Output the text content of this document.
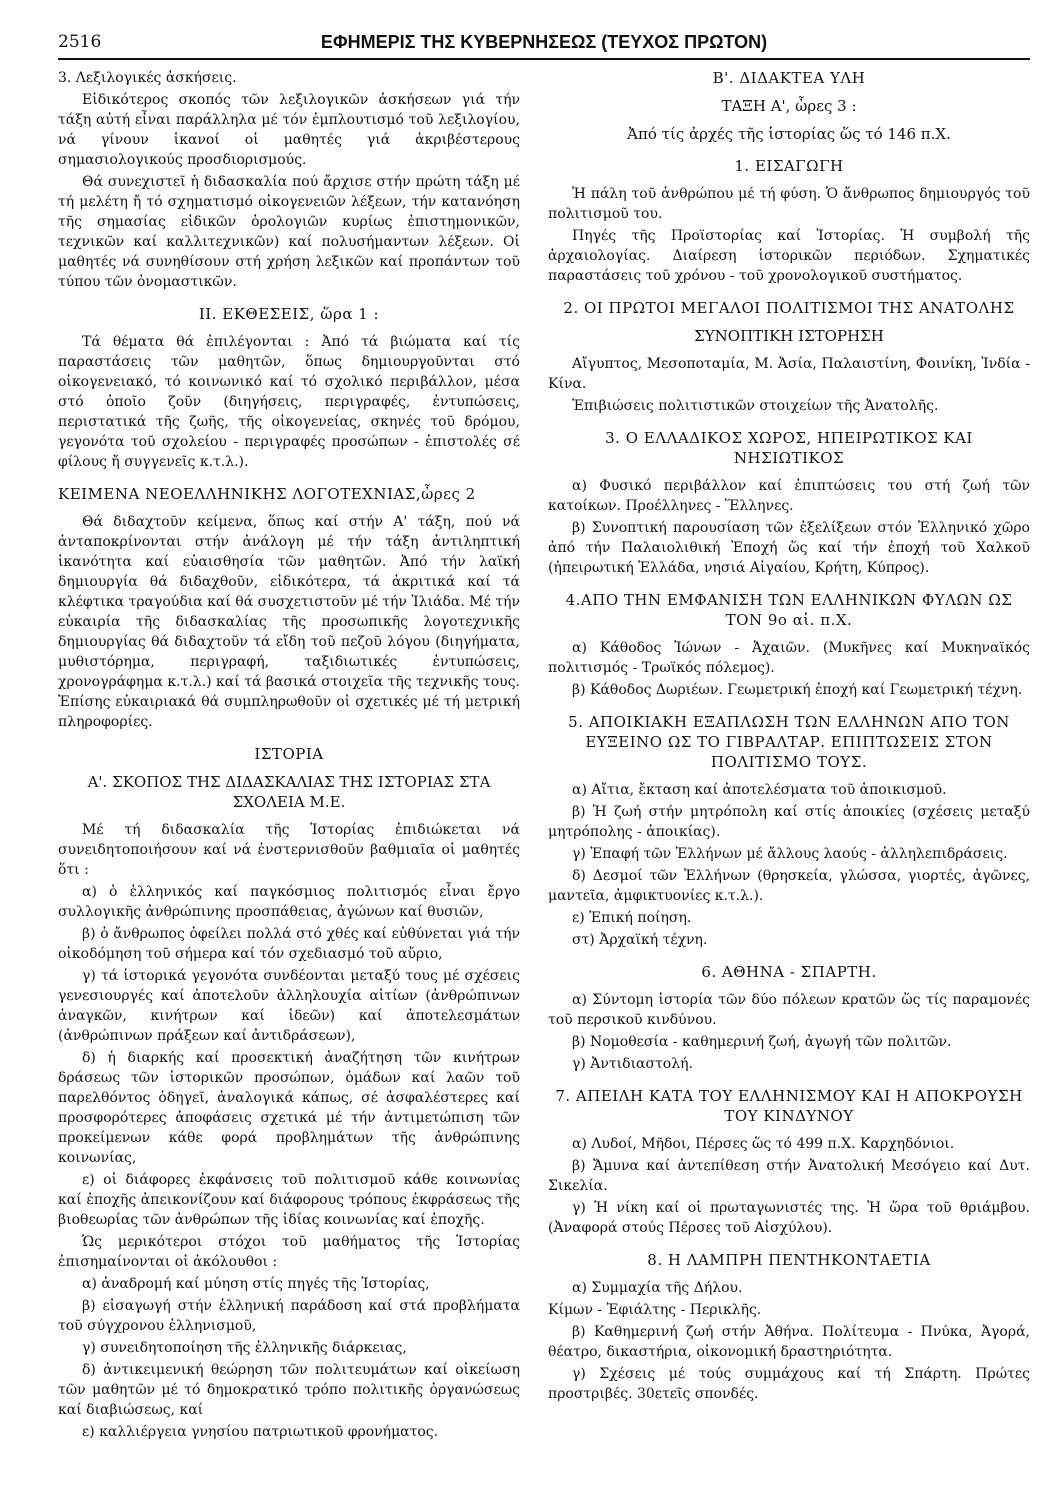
2516	ΕΦΗΜΕΡΙΣ ΤΗΣ ΚΥΒΕΡΝΗΣΕΩΣ (ΤΕΥΧΟΣ ΠΡΩΤΟΝ)

3. Λεξιλογικές ἀσκήσεις.

Εἰδικότερος σκοπός τῶν λεξιλογικῶν ἀσκήσεων γιά τήν τάξη αὐτή εἶναι παράλληλα μέ τόν ἐμπλουτισμό τοῦ λεξιλογίου, νά γίνουν ἱκανοί οἱ μαθητές γιά ἀκριβέστερους σημασιολογικούς προσδιορισμούς.

Θά συνεχιστεῖ ἡ διδασκαλία πού ἄρχισε στήν πρώτη τάξη μέ τή μελέτη ἤ τό σχηματισμό οἰκογενειῶν λέξεων, τήν κατανόηση τῆς σημασίας εἰδικῶν ὁρολογιῶν κυρίως ἐπιστημονικῶν, τεχνικῶν καί καλλιτεχνικῶν) καί πολυσήμαντων λέξεων. Οἱ μαθητές νά συνηθίσουν στή χρήση λεξικῶν καί προπάντων τοῦ τύπου τῶν ὀνομαστικῶν.

ΙΙ. ΕΚΘΕΣΕΙΣ, ὥρα 1 :

Τά θέματα θά ἐπιλέγονται : Ἀπό τά βιώματα καί τίς παραστάσεις τῶν μαθητῶν, ὅπως δημιουργοῦνται στό οἰκογενειακό, τό κοινωνικό καί τό σχολικό περιβάλλον, μέσα στό ὁποῖο ζοῦν (διηγήσεις, περιγραφές, ἐντυπώσεις, περιστατικά τῆς ζωῆς, τῆς οἰκογενείας, σκηνές τοῦ δρόμου, γεγονότα τοῦ σχολείου - περιγραφές προσώπων - ἐπιστολές σέ φίλους ἤ συγγενεῖς κ.τ.λ.).

ΚΕΙΜΕΝΑ ΝΕΟΕΛΛΗΝΙΚΗΣ ΛΟΓΟΤΕΧΝΙΑΣ,ὧρες 2

Θά διδαχτοῦν κείμενα, ὅπως καί στήν Α' τάξη, πού νά ἀνταποκρίνονται στήν ἀνάλογη μέ τήν τάξη ἀντιληπτική ἱκανότητα καί εὐαισθησία τῶν μαθητῶν. Ἀπό τήν λαϊκή δημιουργία θά διδαχθοῦν, εἰδικότερα, τά ἀκριτικά καί τά κλέφτικα τραγούδια καί θά συσχετιστοῦν μέ τήν Ἰλιάδα. Μέ τήν εὐκαιρία τῆς διδασκαλίας τῆς προσωπικῆς λογοτεχνικῆς δημιουργίας θά διδαχτοῦν τά εἴδη τοῦ πεζοῦ λόγου (διηγήματα, μυθιστόρημα, περιγραφή, ταξιδιωτικές ἐντυπώσεις, χρονογράφημα κ.τ.λ.) καί τά βασικά στοιχεῖα τῆς τεχνικῆς τους. Ἐπίσης εὐκαιριακά θά συμπληρωθοῦν οἱ σχετικές μέ τή μετρική πληροφορίες.

ΙΣΤΟΡΙΑ
Α'. ΣΚΟΠΟΣ ΤΗΣ ΔΙΔΑΣΚΑΛΙΑΣ ΤΗΣ ΙΣΤΟΡΙΑΣ ΣΤΑ ΣΧΟΛΕΙΑ Μ.Ε.

Μέ τή διδασκαλία τῆς Ἱστορίας ἐπιδιώκεται νά συνειδητοποιήσουν καί νά ἐνστερνισθοῦν βαθμιαῖα οἱ μαθητές ὅτι :

α) ὁ ἑλληνικός καί παγκόσμιος πολιτισμός εἶναι ἔργο συλλογικῆς ἀνθρώπινης προσπάθειας, ἀγώνων καί θυσιῶν,

β) ὁ ἄνθρωπος ὀφείλει πολλά στό χθές καί εὐθύνεται γιά τήν οἰκοδόμηση τοῦ σήμερα καί τόν σχεδιασμό τοῦ αὔριο,

γ) τά ἱστορικά γεγονότα συνδέονται μεταξύ τους μέ σχέσεις γενεσιουργές καί ἀποτελοῦν ἀλληλουχία αἰτίων (ἀνθρώπινων ἀναγκῶν, κινήτρων καί ἰδεῶν) καί ἀποτελεσμάτων (ἀνθρώπινων πράξεων καί ἀντιδράσεων),

δ) ἡ διαρκής καί προσεκτική ἀναζήτηση τῶν κινήτρων δράσεως τῶν ἱστορικῶν προσώπων, ὁμάδων καί λαῶν τοῦ παρελθόντος ὁδηγεῖ, ἀναλογικά κάπως, σέ ἀσφαλέστερες καί προσφορότερες ἀποφάσεις σχετικά μέ τήν ἀντιμετώπιση τῶν προκείμενων κάθε φορά προβλημάτων τῆς ἀνθρώπινης κοινωνίας,

ε) οἱ διάφορες ἐκφάνσεις τοῦ πολιτισμοῦ κάθε κοινωνίας καί ἐποχῆς ἀπεικονίζουν καί διάφορους τρόπους ἐκφράσεως τῆς βιοθεωρίας τῶν ἀνθρώπων τῆς ἰδίας κοινωνίας καί ἐποχῆς.

Ὡς μερικότεροι στόχοι τοῦ μαθήματος τῆς Ἱστορίας ἐπισημαίνονται οἱ ἀκόλουθοι :

α) ἀναδρομή καί μύηση στίς πηγές τῆς Ἱστορίας,

β) εἰσαγωγή στήν ἑλληνική παράδοση καί στά προβλήματα τοῦ σύγχρονου ἑλληνισμοῦ,

γ) συνειδητοποίηση τῆς ἑλληνικῆς διάρκειας,

δ) ἀντικειμενική θεώρηση τῶν πολιτευμάτων καί οἰκείωση τῶν μαθητῶν μέ τό δημοκρατικό τρόπο πολιτικῆς ὀργανώσεως καί διαβιώσεως, καί

ε) καλλιέργεια γνησίου πατριωτικοῦ φρονήματος.

Β'. ΔΙΔΑΚΤΕΑ ΥΛΗ
ΤΑΞΗ Α', ὧρες 3 :
Ἀπό τίς ἀρχές τῆς ἱστορίας ὥς τό 146 π.Χ.
1. ΕΙΣΑΓΩΓΗ

Ἡ πάλη τοῦ ἀνθρώπου μέ τή φύση. Ὁ ἄνθρωπος δημιουργός τοῦ πολιτισμοῦ του.

Πηγές τῆς Προϊστορίας καί Ἱστορίας. Ἡ συμβολή τῆς ἀρχαιολογίας. Διαίρεση ἱστορικῶν περιόδων. Σχηματικές παραστάσεις τοῦ χρόνου - τοῦ χρονολογικοῦ συστήματος.

2. ΟΙ ΠΡΩΤΟΙ ΜΕΓΑΛΟΙ ΠΟΛΙΤΙΣΜΟΙ ΤΗΣ ΑΝΑΤΟΛΗΣ
ΣΥΝΟΠΤΙΚΗ ΙΣΤΟΡΗΣΗ

Αἴγυπτος, Μεσοποταμία, Μ. Ἀσία, Παλαιστίνη, Φοινίκη, Ἰνδία - Κίνα.

Ἐπιβιώσεις πολιτιστικῶν στοιχείων τῆς Ἀνατολῆς.

3. Ο ΕΛΛΑΔΙΚΟΣ ΧΩΡΟΣ, ΗΠΕΙΡΩΤΙΚΟΣ ΚΑΙ ΝΗΣΙΩΤΙΚΟΣ

α) Φυσικό περιβάλλον καί ἐπιπτώσεις του στή ζωή τῶν κατοίκων. Προέλληνες - Ἕλληνες.

β) Συνοπτική παρουσίαση τῶν ἐξελίξεων στόν Ἑλληνικό χῶρο ἀπό τήν Παλαιολιθική Ἐποχή ὥς καί τήν ἐποχή τοῦ Χαλκοῦ (ἠπειρωτική Ἑλλάδα, νησιά Αἰγαίου, Κρήτη, Κύπρος).

4.ΑΠΟ ΤΗΝ ΕΜΦΑΝΙΣΗ ΤΩΝ ΕΛΛΗΝΙΚΩΝ ΦΥΛΩΝ ΩΣ ΤΟΝ 9ο αἰ. π.Χ.

α) Κάθοδος Ἰώνων - Ἀχαιῶν. (Μυκῆνες καί Μυκηναϊκός πολιτισμός - Τρωϊκός πόλεμος).

β) Κάθοδος Δωριέων. Γεωμετρική ἐποχή καί Γεωμετρική τέχνη.

5. ΑΠΟΙΚΙΑΚΗ ΕΞΑΠΛΩΣΗ ΤΩΝ ΕΛΛΗΝΩΝ ΑΠΟ ΤΟΝ ΕΥΞΕΙΝΟ ΩΣ ΤΟ ΓΙΒΡΑΛΤΑΡ. ΕΠΙΠΤΩΣΕΙΣ ΣΤΟΝ ΠΟΛΙΤΙΣΜΟ ΤΟΥΣ.

α) Αἴτια, ἔκταση καί ἀποτελέσματα τοῦ ἀποικισμοῦ.

β) Ἡ ζωή στήν μητρόπολη καί στίς ἀποικίες (σχέσεις μεταξύ μητρόπολης - ἀποικίας).

γ) Ἐπαφή τῶν Ἑλλήνων μέ ἄλλους λαούς - ἀλληλεπιδράσεις.

δ) Δεσμοί τῶν Ἑλλήνων (θρησκεία, γλώσσα, γιορτές, ἀγῶνες, μαντεῖα, ἀμφικτυονίες κ.τ.λ.).

ε) Ἐπική ποίηση.

στ) Ἀρχαϊκή τέχνη.

6. ΑΘΗΝΑ - ΣΠΑΡΤΗ.

α) Σύντομη ἱστορία τῶν δύο πόλεων κρατῶν ὥς τίς παραμονές τοῦ περσικοῦ κινδύνου.

β) Νομοθεσία - καθημερινή ζωή, ἀγωγή τῶν πολιτῶν.

γ) Ἀντιδιαστολή.

7. ΑΠΕΙΛΗ ΚΑΤΑ ΤΟΥ ΕΛΛΗΝΙΣΜΟΥ ΚΑΙ Η ΑΠΟΚΡΟΥΣΗ ΤΟΥ ΚΙΝΔΥΝΟΥ

α) Λυδοί, Μῆδοι, Πέρσες ὥς τό 499 π.Χ. Καρχηδόνιοι.

β) Ἄμυνα καί ἀντεπίθεση στήν Ἀνατολική Μεσόγειο καί Δυτ. Σικελία.

γ) Ἡ νίκη καί οἱ πρωταγωνιστές της. Ἡ ὥρα τοῦ θριάμβου. (Ἀναφορά στούς Πέρσες τοῦ Αἰσχύλου).

8. Η ΛΑΜΠΡΗ ΠΕΝΤΗΚΟΝΤΑΕΤΙΑ

α) Συμμαχία τῆς Δήλου.

Κίμων - Ἐφιάλτης - Περικλῆς.

β) Καθημερινή ζωή στήν Ἀθήνα. Πολίτευμα - Πνύκα, Ἀγορά, θέατρο, δικαστήρια, οἰκονομική δραστηριότητα.

γ) Σχέσεις μέ τούς συμμάχους καί τή Σπάρτη. Πρώτες προστριβές. 30ετεῖς σπονδές.
